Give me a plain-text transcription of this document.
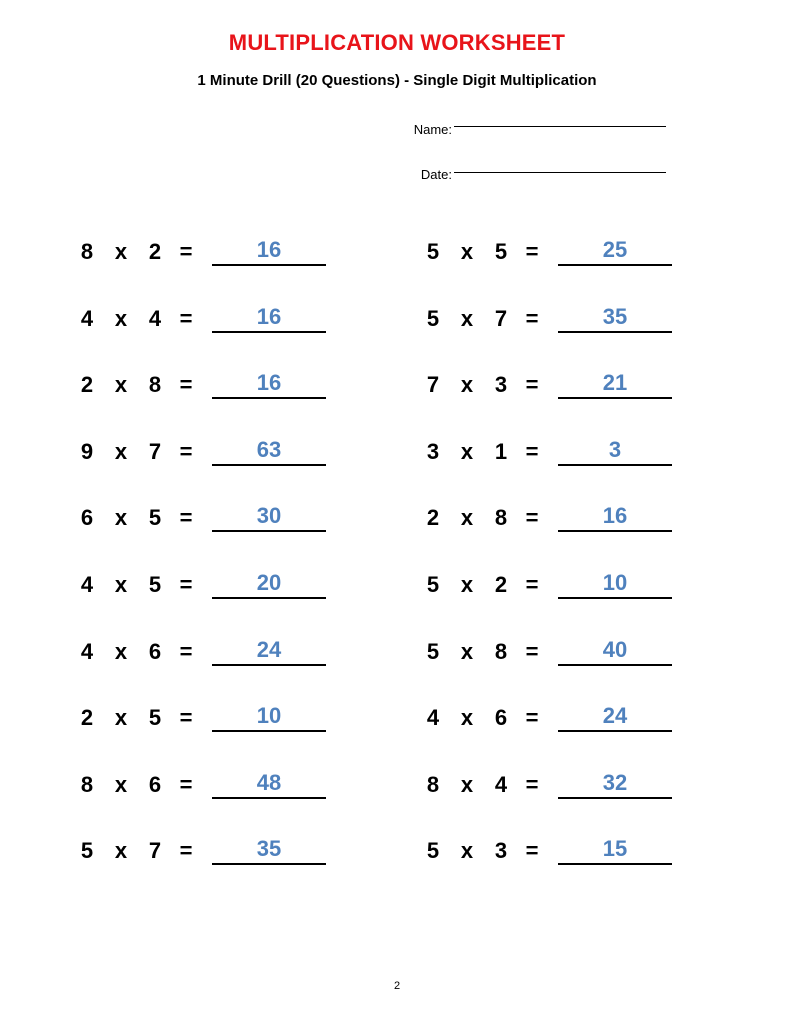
MULTIPLICATION WORKSHEET
1 Minute Drill (20 Questions) - Single Digit Multiplication
Name:
Date:
8 x 2 =	16
4 x 4 =	16
2 x 8 =	16
9 x 7 =	63
6 x 5 =	30
4 x 5 =	20
4 x 6 =	24
2 x 5 =	10
8 x 6 =	48
5 x 7 =	35
5 x 5 =	25
5 x 7 =	35
7 x 3 =	21
3 x 1 =	3
2 x 8 =	16
5 x 2 =	10
5 x 8 =	40
4 x 6 =	24
8 x 4 =	32
5 x 3 =	15
2
